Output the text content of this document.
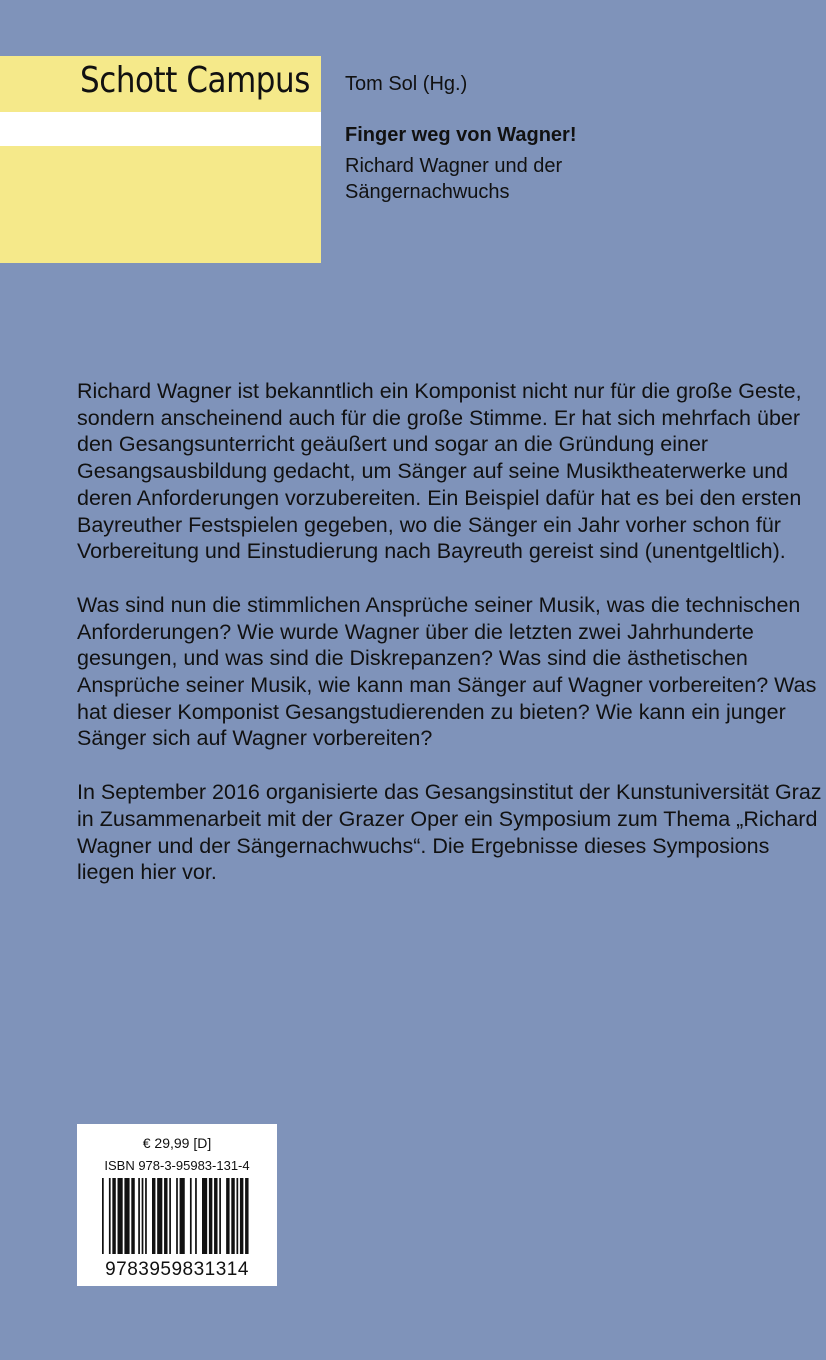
Schott Campus Tom Sol (Hg.)
Finger weg von Wagner!
Richard Wagner und der Sängernachwuchs

Richard Wagner ist bekanntlich ein Komponist nicht nur für die große Geste, sondern anscheinend auch für die große Stimme. Er hat sich mehrfach über den Gesangsunterricht geäußert und sogar an die Gründung einer Gesangsausbildung gedacht, um Sänger auf seine Musiktheaterwerke und deren Anforderungen vorzubereiten. Ein Beispiel dafür hat es bei den ersten Bayreuther Festspielen gegeben, wo die Sänger ein Jahr vorher schon für Vorbereitung und Einstudierung nach Bayreuth gereist sind (unentgeltlich).

Was sind nun die stimmlichen Ansprüche seiner Musik, was die technischen Anforderungen? Wie wurde Wagner über die letzten zwei Jahrhunderte gesungen, und was sind die Diskrepanzen? Was sind die ästhetischen Ansprüche seiner Musik, wie kann man Sänger auf Wagner vorbereiten? Was hat dieser Komponist Gesangstudierenden zu bieten? Wie kann ein junger Sänger sich auf Wagner vorbereiten?

In September 2016 organisierte das Gesangsinstitut der Kunstuniversität Graz in Zusammenarbeit mit der Grazer Oper ein Symposium zum Thema „Richard Wagner und der Sängernachwuchs“. Die Ergebnisse dieses Symposions liegen hier vor.

€ 29,99 [D]
ISBN 978-3-95983-131-4
9783959831314
